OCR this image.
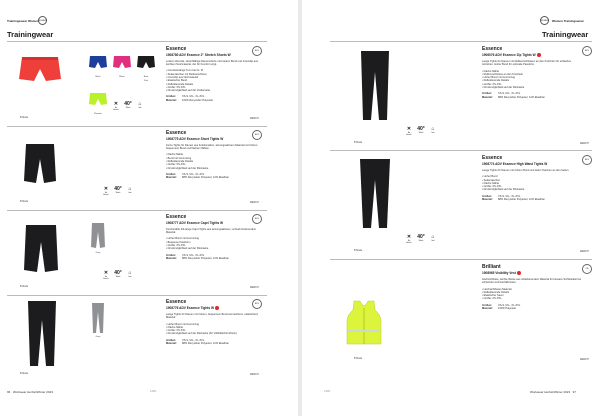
Trainingswear Women WOMEN
Trainingwear
Black	Blaze	Beat
Pink
Flumino
✕
No bleach
40°
Wash
⌂
Iron
B Mode
Essence
1908780 ADV Essence 2" Stretch Shorts W
Locker sitzende, stretchfähige Damenshorts mit breitem Bund und Innenslip aus leichtem Netzmaterial, der für Komfort sorgt.
• Innenbeinlänge 5 cm bei Gr. M
• Seitentaschen mit Reißverschluss
• Innenslip aus Netzmaterial
• Elastischer Bund
• Reflektierende Details
• Größe: XS-XXL
• Druckmöglichkeit auf der Vorderseite
Größen: XS-S, M-L, XL-XXL
Material: 100% Recycelter Polyester
ADV
MERCH
✕
No bleach
40°
Wash
⌂
Iron
B Mode
Essence
1908775 ADV Essence Short Tights W
Kurze Tights für Damen aus funktionellem, atmungsaktivem Material mit hohem, bequemem Bund und flachen Nähten.
• Flache Nähte
• Bund mit Gummizug
• Reflektierende Details
• Größe: XS-XXL
• Druckmöglichkeit auf der Rückseite
Größen: XS-S, M-L, XL-XXL
Material: 88% Recycelter Polyester, 12% Elasthan
ADV
MERCH
Grey
✕
No bleach
40°
Wash
⌂
Iron
B Mode
Essence
1908777 ADV Essence Capri Tights W
Komfortable 3/4-lange Capri-Tights aus atmungsaktivem, schnell trocknendem Material.
• Hoher Bund mit Gummizug
• Bequeme Passform
• Größe: XS-XXL
• Druckmöglichkeit auf der Rückseite
Größen: XS-S, M-L, XL-XXL
Material: 88% Recycelter Polyester, 12% Elasthan
ADV
MERCH
Grey
B Mode
Essence
1908776 ADV Essence Tights W
Lange Tights für Damen mit hohem, bequemem Bund aus leichtem, elastischem Material.
• Hoher Bund mit Gummizug
• Flache Nähte
• Größe: XS-XXL
• Druckmöglichkeit auf der Rückseite (für Vollbildschirmdruck)
Größen: XS-S, M-L, XL-XXL
Material: 88% Recycelter Polyester, 12% Elasthan
ADV
MERCH
96 Workwear Herbst/Winter 2023	1908 ...
WOMEN Women Trainingswear
Trainingwear
✕
No bleach
40°
Wash
⌂
Iron
B Mode
Essence
1906076 ADV Essence Zip Tights W
Lange Tights für Damen mit Reißverschlüssen an den Knöcheln für einfaches Anziehen. Hoher Bund für optimale Passform.
• Flache Nähte
• Reißverschlüsse an den Knöcheln
• Hoher Bund mit Gummizug
• Reflektierende Details
• Größe: XS-XXL
• Druckmöglichkeit auf der Rückseite
Größen: XS-S, M-L, XL-XXL
Material: 88% Recycelter Polyester, 12% Elasthan
ADV
MERCH
✕
No bleach
40°
Wash
⌂
Iron
B Mode
Essence
1908774 ADV Essence High Waist Tights W
Lange Tights für Damen mit hohem Bund und tiefen Taschen an den Seiten.
• Hoher Bund
• Seitentaschen
• Flache Nähte
• Größe: XS-XXL
• Druckmöglichkeit auf der Rückseite
Größen: XS-S, M-L, XL-XXL
Material: 88% Recycelter Polyester, 12% Elasthan
ADV
MERCH
B Mode
Brilliant
1908965 Visibility Vest
Hochsichtbare, leichte Weste aus reflektierendem Material für bessere Sichtbarkeit bei schlechten Lichtverhältnissen.
• Hochsichtbares Material
• Reflektierende Details
• Elastischer Saum
• Größe: XS-XXL
Größen: XS-S, M-L, XL-XXL
Material: 100% Polyester
VIS
MERCH
1908 ...	Workwear Herbst/Winter 2023 97
